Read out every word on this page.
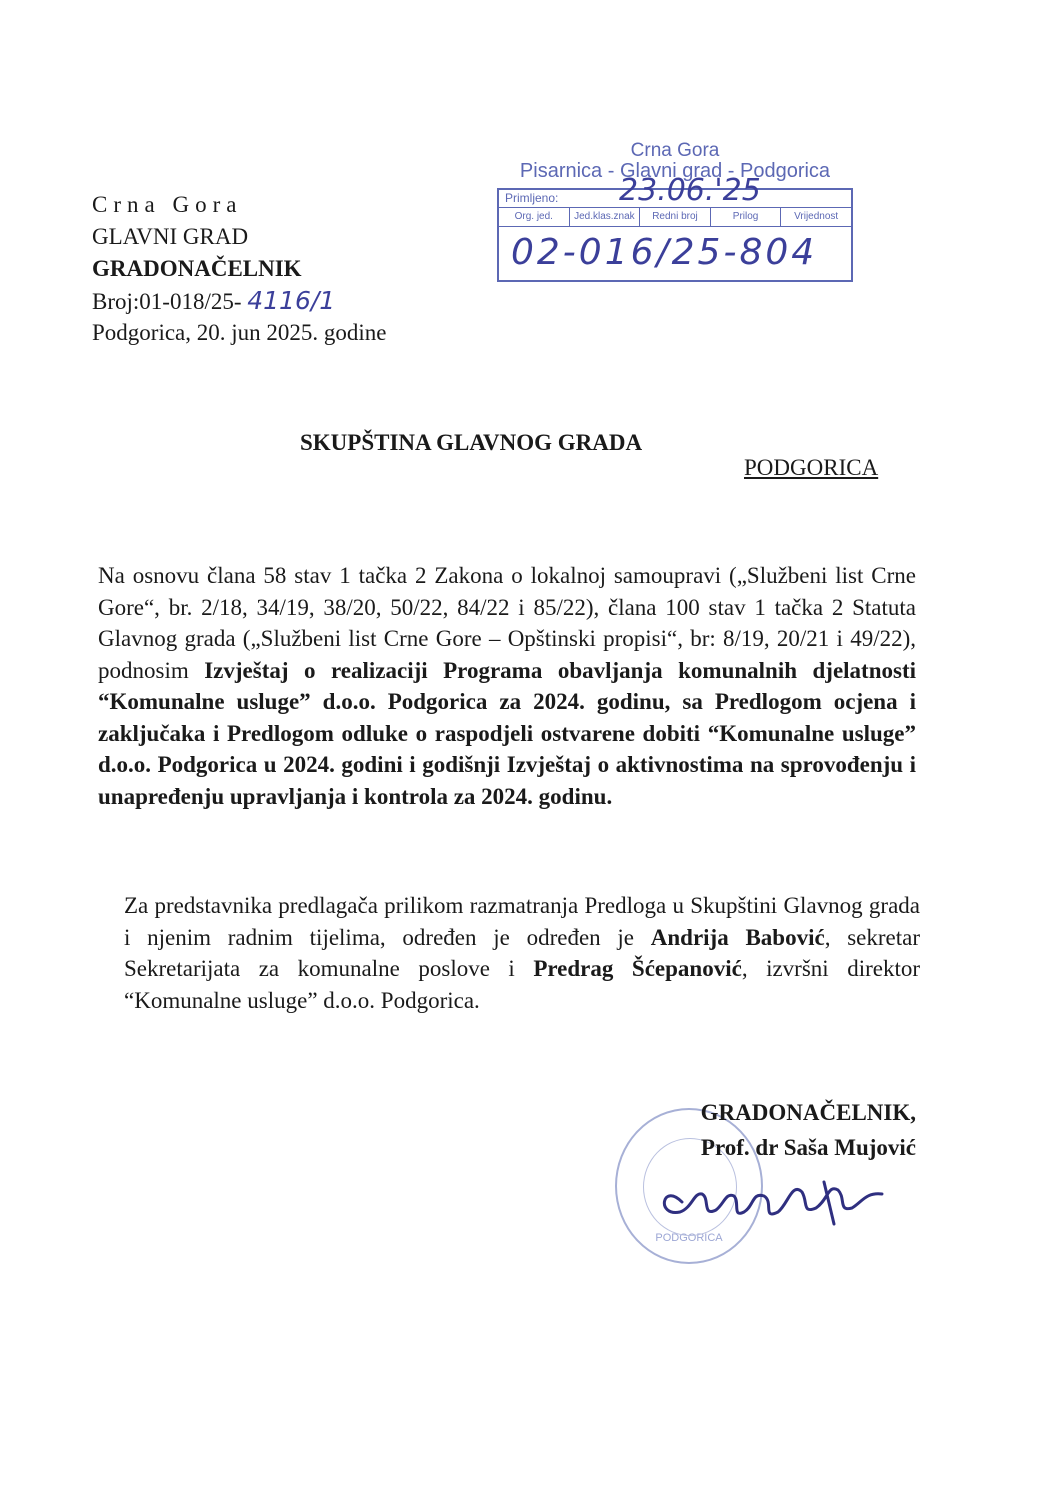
Crna Gora
GLAVNI GRAD
GRADONAČELNIK
Broj:01-018/25- 4116/1
Podgorica, 20. jun 2025. godine
Crna Gora
Pisarnica - Glavni grad - Podgorica
Primljeno: 23.06.'25
Org. jed.	Jed.klas.znak	Redni broj	Prilog	Vrijednost
02-016/25-804
SKUPŠTINA GLAVNOG GRADA
PODGORICA
Na osnovu člana 58 stav 1 tačka 2 Zakona o lokalnoj samoupravi („Službeni list Crne Gore“, br. 2/18, 34/19, 38/20, 50/22, 84/22 i 85/22), člana 100 stav 1 tačka 2 Statuta Glavnog grada („Službeni list Crne Gore – Opštinski propisi“, br: 8/19, 20/21 i 49/22), podnosim Izvještaj o realizaciji Programa obavljanja komunalnih djelatnosti “Komunalne usluge” d.o.o. Podgorica za 2024. godinu, sa Predlogom ocjena i zaključaka i Predlogom odluke o raspodjeli ostvarene dobiti “Komunalne usluge” d.o.o. Podgorica u 2024. godini i godišnji Izvještaj o aktivnostima na sprovođenju i unapređenju upravljanja i kontrola za 2024. godinu.
Za predstavnika predlagača prilikom razmatranja Predloga u Skupštini Glavnog grada i njenim radnim tijelima, određen je određen je Andrija Babović, sekretar Sekretarijata za komunalne poslove i Predrag Šćepanović, izvršni direktor “Komunalne usluge” d.o.o. Podgorica.
PODGORICA
GRADONAČELNIK,
Prof. dr Saša Mujović
